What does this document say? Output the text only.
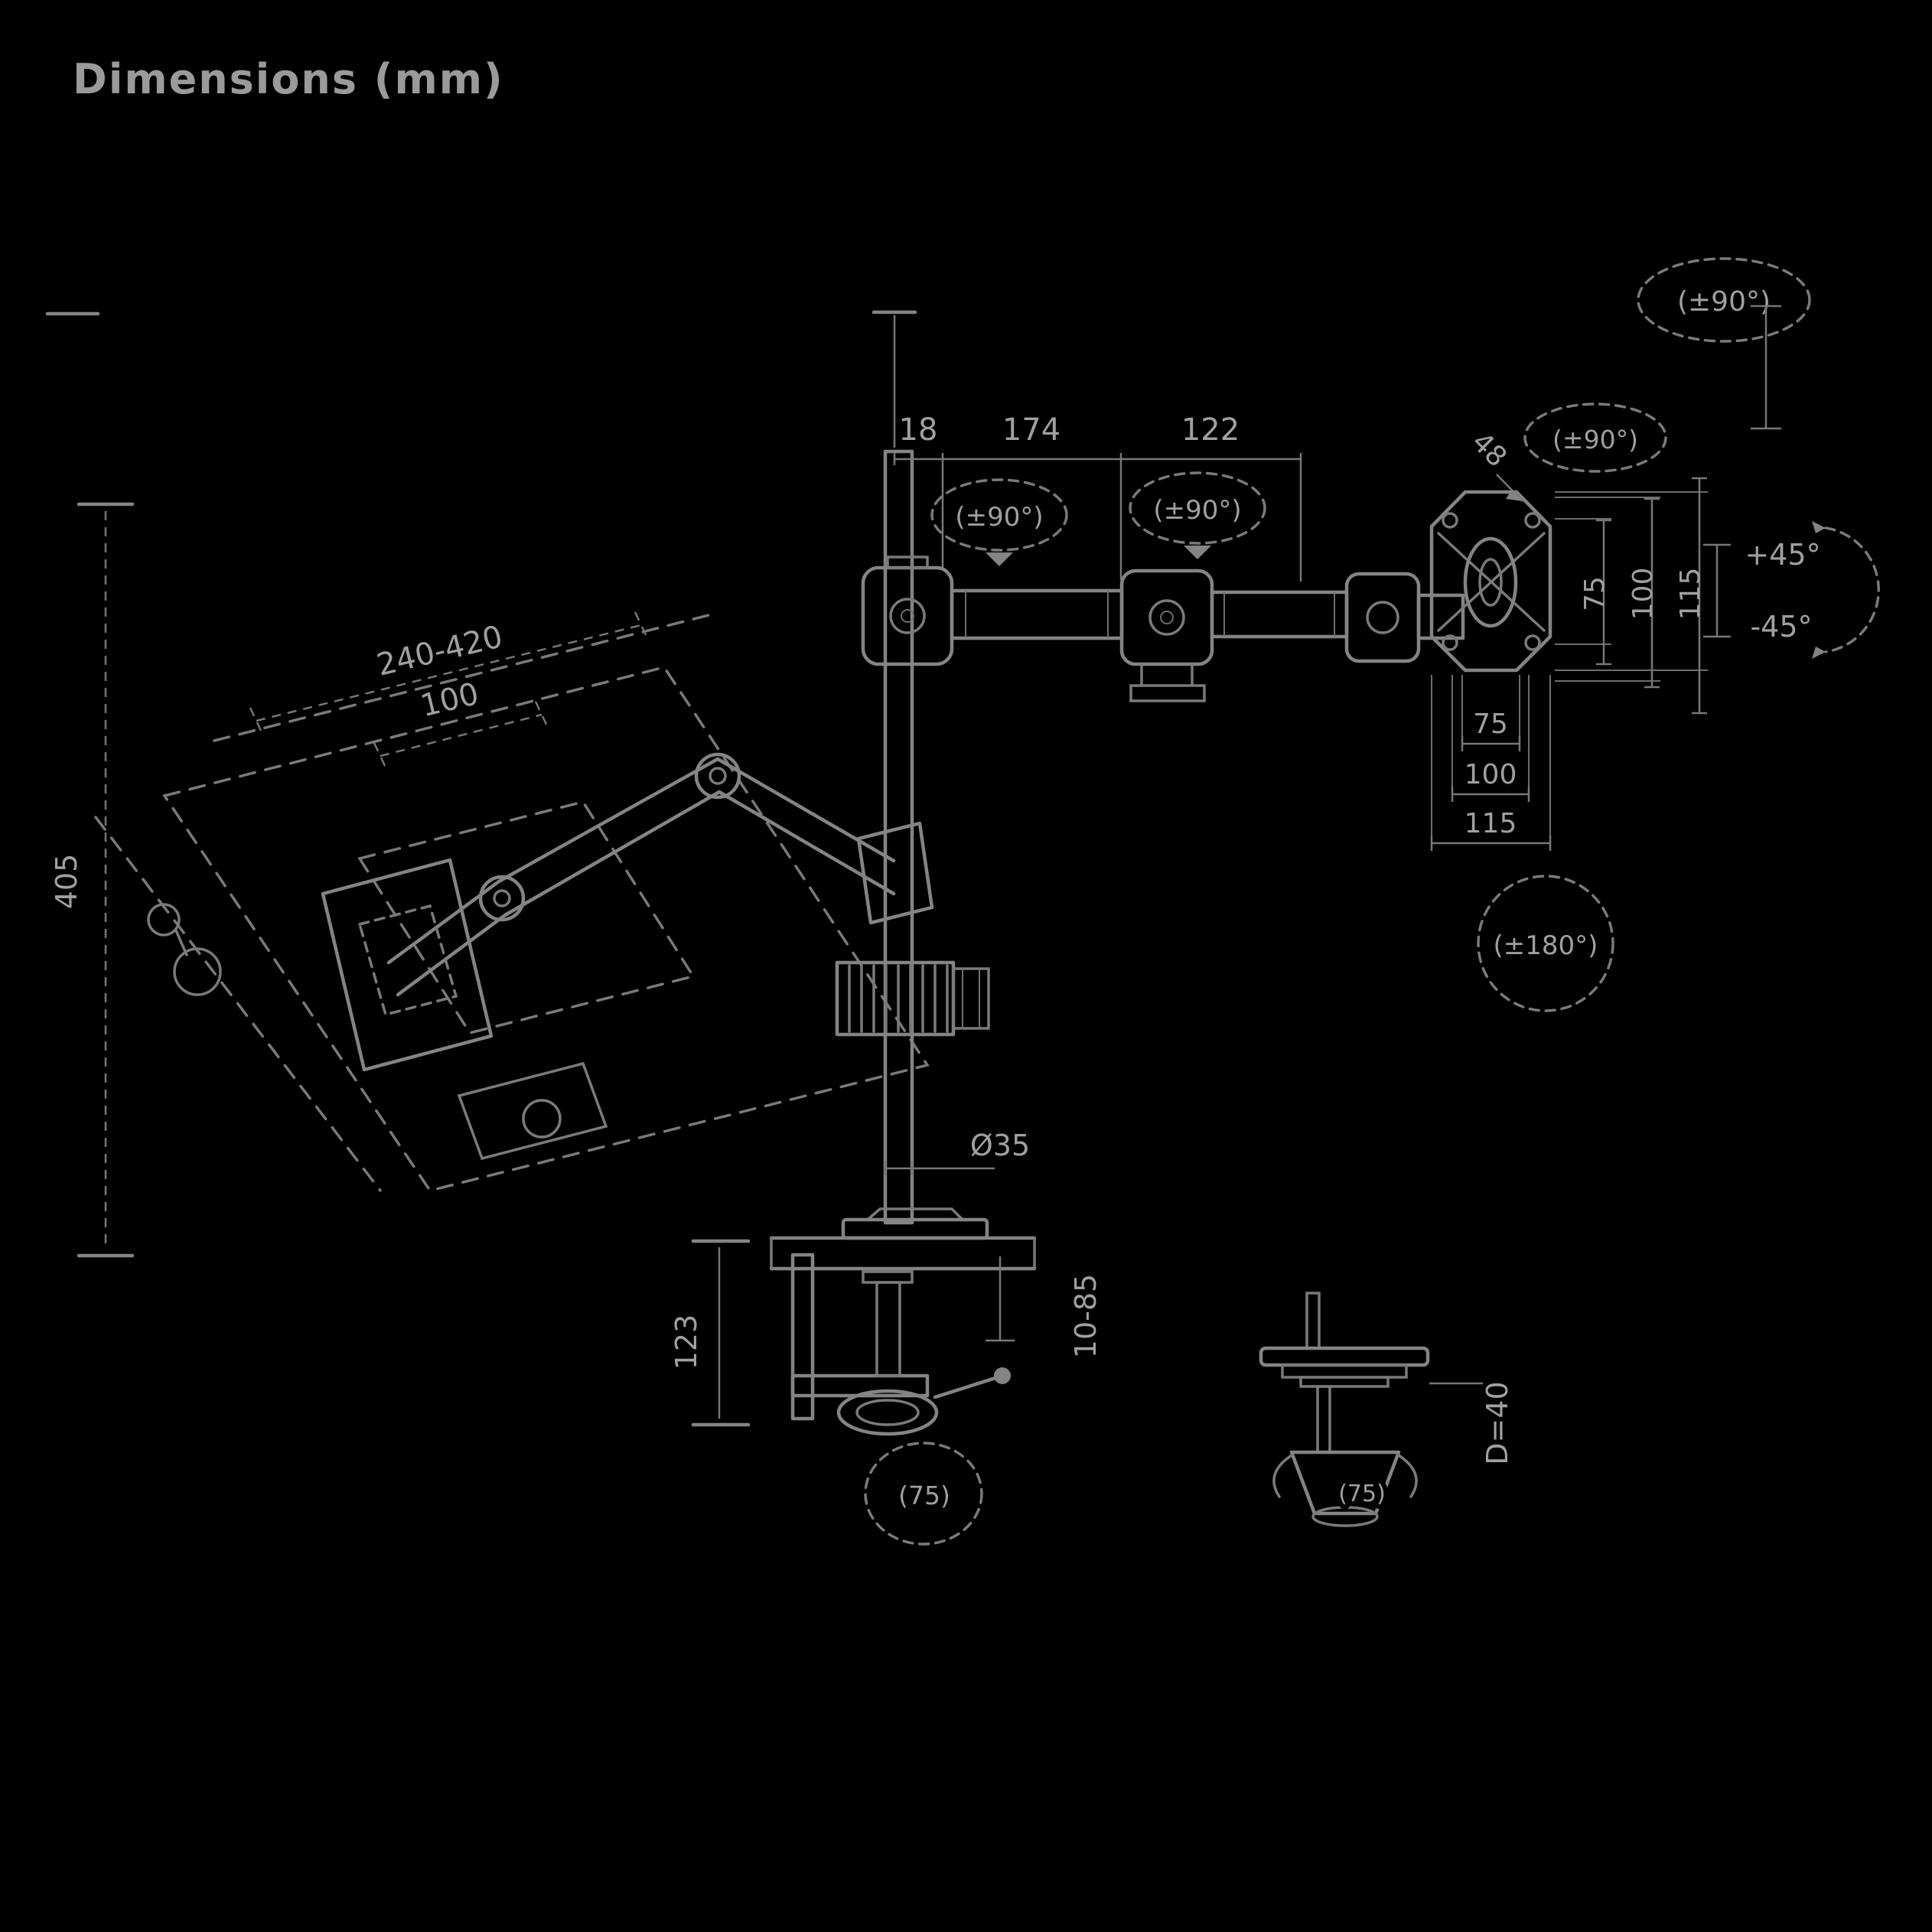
Dimensions (mm)
405
240-420
100
Ø35
18 174	122
(±90°)	(±90°)
(±90°)
48
(±90°)
75 100 115
75
100
115
(±180°)
+45°
-45°
123	10-85
(75)	(75)
D=40
